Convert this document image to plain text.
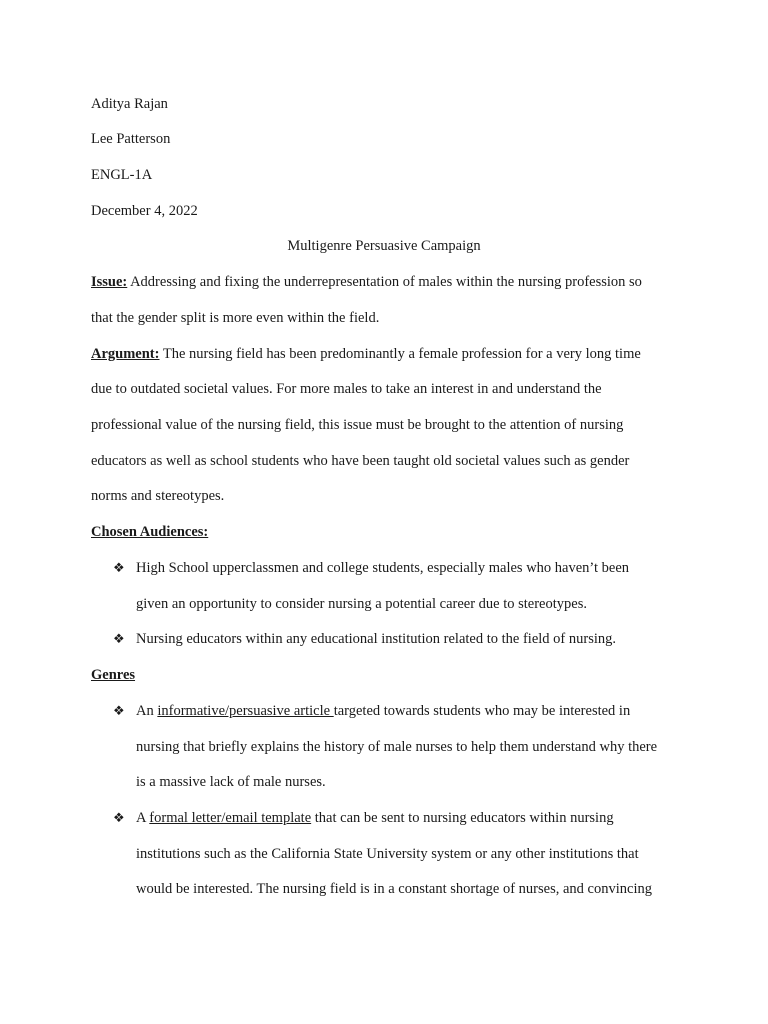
Aditya Rajan
Lee Patterson
ENGL-1A
December 4, 2022
Multigenre Persuasive Campaign
Issue: Addressing and fixing the underrepresentation of males within the nursing profession so
that the gender split is more even within the field.
Argument: The nursing field has been predominantly a female profession for a very long time
due to outdated societal values. For more males to take an interest in and understand the
professional value of the nursing field, this issue must be brought to the attention of nursing
educators as well as school students who have been taught old societal values such as gender
norms and stereotypes.
Chosen Audiences:
❖ High School upperclassmen and college students, especially males who haven’t been
given an opportunity to consider nursing a potential career due to stereotypes.
❖ Nursing educators within any educational institution related to the field of nursing.
Genres
❖ An informative/persuasive article targeted towards students who may be interested in
nursing that briefly explains the history of male nurses to help them understand why there
is a massive lack of male nurses.
❖ A formal letter/email template that can be sent to nursing educators within nursing
institutions such as the California State University system or any other institutions that
would be interested. The nursing field is in a constant shortage of nurses, and convincing
